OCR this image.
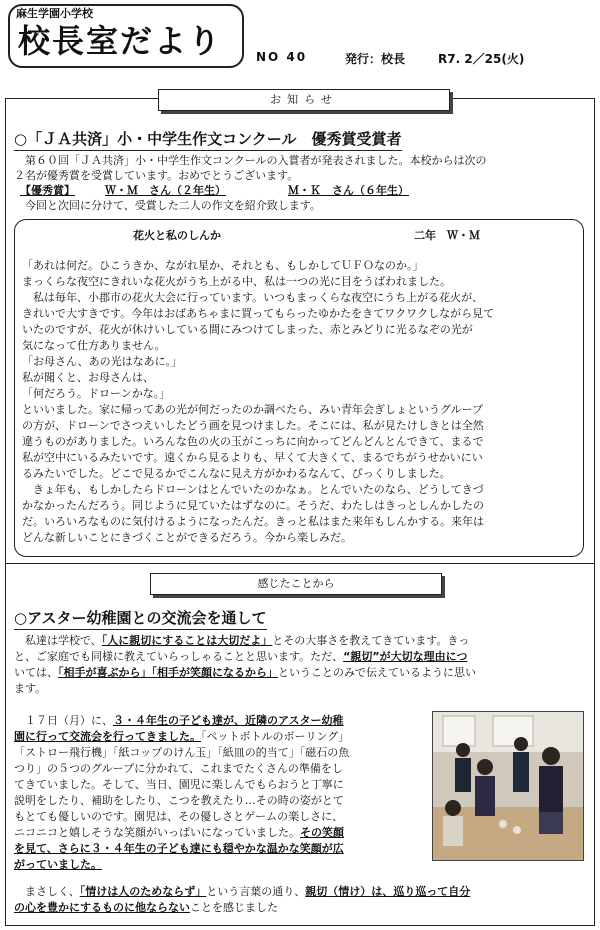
麻生学園小学校
校長室だより	NO 40	発行：校長	R7. 2／25(火)
お知らせ
○「ＪＡ共済」小・中学生作文コンクール　優秀賞受賞者
　第６０回「ＪＡ共済」小・中学生作文コンクールの入賞者が発表されました。本校からは次の
２名が優秀賞を受賞しています。おめでとうございます。
【優秀賞】	Ｗ・Ｍ　さん（２年生）	Ｍ・Ｋ　さん（６年生）
　今回と次回に分けて、受賞した二人の作文を紹介致します。
花火と私のしんか	二年　Ｗ・Ｍ
「あれは何だ。ひこうきか、ながれ星か、それとも、もしかしてＵＦＯなのか。」
まっくらな夜空にきれいな花火がうち上がる中、私は一つの光に目をうばわれました。
　私は毎年、小郡市の花火大会に行っています。いつもまっくらな夜空にうち上がる花火が、
きれいで大すきです。今年はおばあちゃまに買ってもらったゆかたをきてワクワクしながら見て
いたのですが、花火が休けいしている間にみつけてしまった、赤とみどりに光るなぞの光が
気になって仕方ありません。
「お母さん、あの光はなあに。」
私が聞くと、お母さんは、
「何だろう。ドローンかな。」
といいました。家に帰ってあの光が何だったのか調べたら、みい青年会ぎしょというグループ
の方が、ドローンでさつえいしたどう画を見つけました。そこには、私が見たけしきとは全然
違うものがありました。いろんな色の火の玉がこっちに向かってどんどんとんできて、まるで
私が空中にいるみたいです。遠くから見るよりも、早くて大きくて、まるでちがうせかいにい
るみたいでした。どこで見るかでこんなに見え方がかわるなんて、びっくりしました。
　きょ年も、もしかしたらドローンはとんでいたのかなぁ。とんでいたのなら、どうしてきづ
かなかったんだろう。同じように見ていたはずなのに。そうだ、わたしはきっとしんかしたの
だ。いろいろなものに気付けるようになったんだ。きっと私はまた来年もしんかする。来年は
どんな新しいことにきづくことができるだろう。今から楽しみだ。
感じたことから
○アスター幼稚園との交流会を通して
　私達は学校で、「人に親切にすることは大切だよ」とその大事さを教えてきています。きっ
と、ご家庭でも同様に教えていらっしゃることと思います。ただ、“親切”が大切な理由につ
いては、「相手が喜ぶから」「相手が笑顔になるから」ということのみで伝えているように思い
ます。
　１７日（月）に、３・４年生の子ども達が、近隣のアスター幼稚
園に行って交流会を行ってきました。「ペットボトルのボーリング」
「ストロー飛行機」「紙コップのけん玉」「紙皿の的当て」「磁石の魚
つり」の５つのグループに分かれて、これまでたくさんの準備をし
てきていました。そして、当日、園児に楽しんでもらおうと丁寧に
説明をしたり、補助をしたり、こつを教えたり…その時の姿がとて
もとても優しいのです。園児は、その優しさとゲームの楽しさに、
ニコニコと嬉しそうな笑顔がいっぱいになっていました。その笑顔
を見て、さらに３・４年生の子ども達にも穏やかな温かな笑顔が広
がっていました。
　まさしく、「情けは人のためならず」という言葉の通り、親切（情け）は、巡り巡って自分
の心を豊かにするものに他ならないことを感じました
